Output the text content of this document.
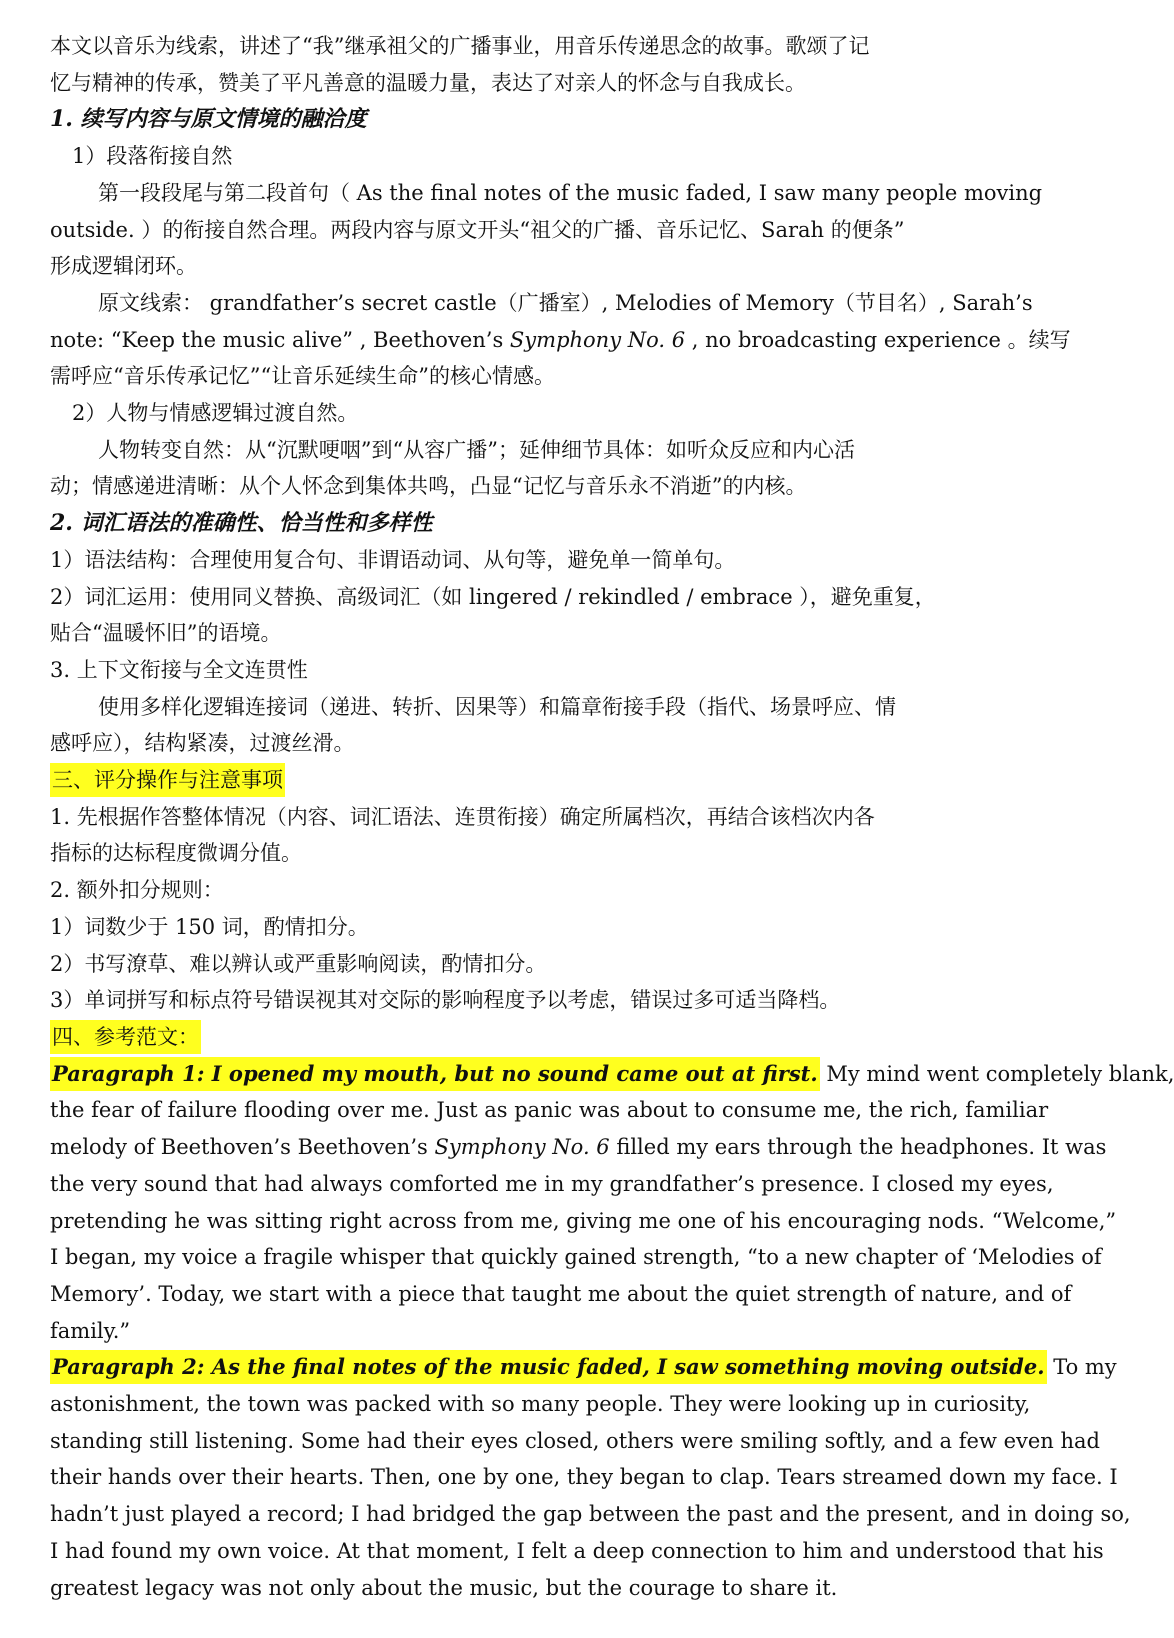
本文以音乐为线索，讲述了“我”继承祖父的广播事业，用音乐传递思念的故事。歌颂了记
忆与精神的传承，赞美了平凡善意的温暖力量，表达了对亲人的怀念与自我成长。
1. 续写内容与原文情境的融洽度
1）段落衔接自然
第一段段尾与第二段首句（ As the final notes of the music faded, I saw many people moving
outside. ）的衔接自然合理。两段内容与原文开头“祖父的广播、音乐记忆、Sarah 的便条”
形成逻辑闭环。
原文线索： grandfather’s secret castle（广播室）, Melodies of Memory（节目名）, Sarah’s
note: “Keep the music alive” , Beethoven’s Symphony No. 6 , no broadcasting experience 。续写
需呼应“音乐传承记忆”“让音乐延续生命”的核心情感。
2）人物与情感逻辑过渡自然。
人物转变自然：从“沉默哽咽”到“从容广播”；延伸细节具体：如听众反应和内心活
动；情感递进清晰：从个人怀念到集体共鸣，凸显“记忆与音乐永不消逝”的内核。
2. 词汇语法的准确性、恰当性和多样性
1）语法结构：合理使用复合句、非谓语动词、从句等，避免单一简单句。
2）词汇运用：使用同义替换、高级词汇（如 lingered / rekindled / embrace ），避免重复，
贴合“温暖怀旧”的语境。
3. 上下文衔接与全文连贯性
使用多样化逻辑连接词（递进、转折、因果等）和篇章衔接手段（指代、场景呼应、情
感呼应），结构紧凑，过渡丝滑。
三、评分操作与注意事项
1. 先根据作答整体情况（内容、词汇语法、连贯衔接）确定所属档次，再结合该档次内各
指标的达标程度微调分值。
2. 额外扣分规则：
1）词数少于 150 词，酌情扣分。
2）书写潦草、难以辨认或严重影响阅读，酌情扣分。
3）单词拼写和标点符号错误视其对交际的影响程度予以考虑，错误过多可适当降档。
四、参考范文：
Paragraph 1: I opened my mouth, but no sound came out at first. My mind went completely blank,
the fear of failure flooding over me. Just as panic was about to consume me, the rich, familiar
melody of Beethoven’s Beethoven’s Symphony No. 6 filled my ears through the headphones. It was
the very sound that had always comforted me in my grandfather’s presence. I closed my eyes,
pretending he was sitting right across from me, giving me one of his encouraging nods. “Welcome,”
I began, my voice a fragile whisper that quickly gained strength, “to a new chapter of ‘Melodies of
Memory’. Today, we start with a piece that taught me about the quiet strength of nature, and of
family.”
Paragraph 2: As the final notes of the music faded, I saw something moving outside. To my
astonishment, the town was packed with so many people. They were looking up in curiosity,
standing still listening. Some had their eyes closed, others were smiling softly, and a few even had
their hands over their hearts. Then, one by one, they began to clap. Tears streamed down my face. I
hadn’t just played a record; I had bridged the gap between the past and the present, and in doing so,
I had found my own voice. At that moment, I felt a deep connection to him and understood that his
greatest legacy was not only about the music, but the courage to share it.
